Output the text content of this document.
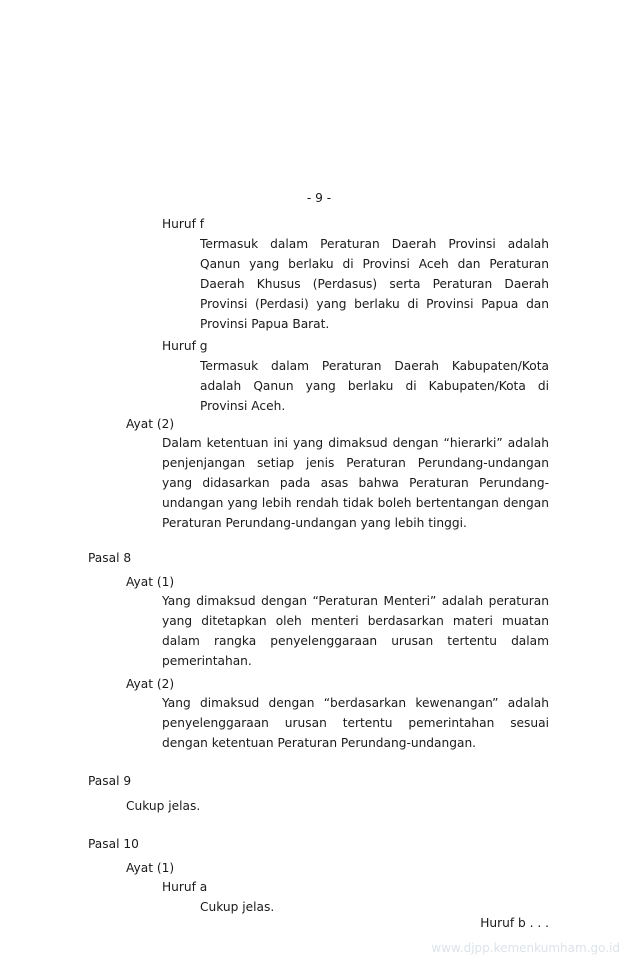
- 9 -
Huruf f
Termasuk dalam Peraturan Daerah Provinsi adalah Qanun yang berlaku di Provinsi Aceh dan Peraturan Daerah Khusus (Perdasus) serta Peraturan Daerah Provinsi (Perdasi) yang berlaku di Provinsi Papua dan Provinsi Papua Barat.
Huruf g
Termasuk dalam Peraturan Daerah Kabupaten/Kota adalah Qanun yang berlaku di Kabupaten/Kota di Provinsi Aceh.
Ayat (2)
Dalam ketentuan ini yang dimaksud dengan “hierarki” adalah penjenjangan setiap jenis Peraturan Perundang-undangan yang didasarkan pada asas bahwa Peraturan Perundang-undangan yang lebih rendah tidak boleh bertentangan dengan Peraturan Perundang-undangan yang lebih tinggi.
Pasal 8
Ayat (1)
Yang dimaksud dengan “Peraturan Menteri” adalah peraturan yang ditetapkan oleh menteri berdasarkan materi muatan dalam rangka penyelenggaraan urusan tertentu dalam pemerintahan.
Ayat (2)
Yang dimaksud dengan “berdasarkan kewenangan” adalah penyelenggaraan urusan tertentu pemerintahan sesuai dengan ketentuan Peraturan Perundang-undangan.
Pasal 9
Cukup jelas.
Pasal 10
Ayat (1)
Huruf a
Cukup jelas.
Huruf b . . .
www.djpp.kemenkumham.go.id
